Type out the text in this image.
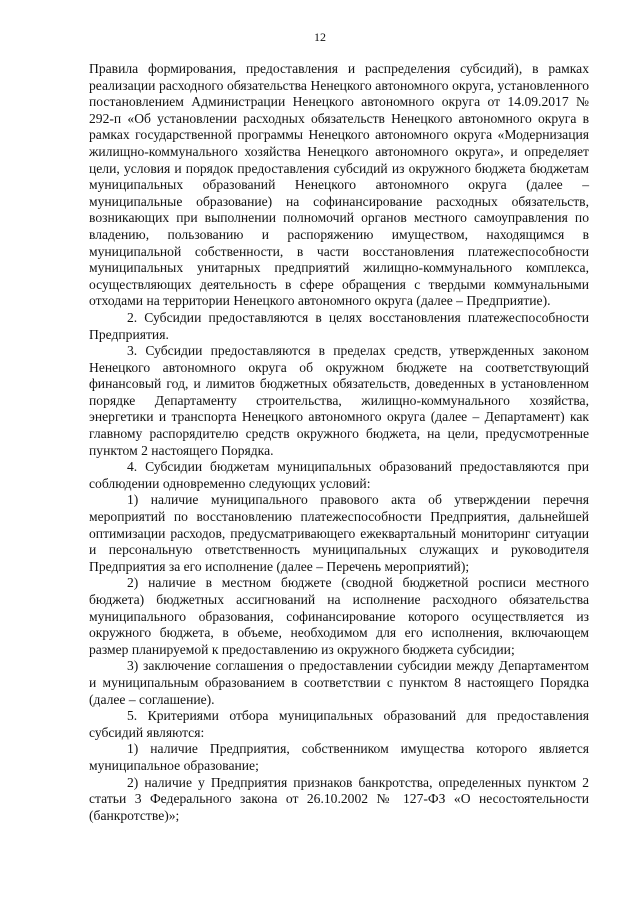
12

Правила формирования, предоставления и распределения субсидий), в рамках реализации расходного обязательства Ненецкого автономного округа, установленного постановлением Администрации Ненецкого автономного округа от 14.09.2017 № 292-п «Об установлении расходных обязательств Ненецкого автономного округа в рамках государственной программы Ненецкого автономного округа «Модернизация жилищно-коммунального хозяйства Ненецкого автономного округа», и определяет цели, условия и порядок предоставления субсидий из окружного бюджета бюджетам муниципальных образований Ненецкого автономного округа (далее – муниципальные образование) на софинансирование расходных обязательств, возникающих при выполнении полномочий органов местного самоуправления по владению, пользованию и распоряжению имуществом, находящимся в муниципальной собственности, в части восстановления платежеспособности муниципальных унитарных предприятий жилищно-коммунального комплекса, осуществляющих деятельность в сфере обращения с твердыми коммунальными отходами на территории Ненецкого автономного округа (далее – Предприятие).

2. Субсидии предоставляются в целях восстановления платежеспособности Предприятия.

3. Субсидии предоставляются в пределах средств, утвержденных законом Ненецкого автономного округа об окружном бюджете на соответствующий финансовый год, и лимитов бюджетных обязательств, доведенных в установленном порядке Департаменту строительства, жилищно-коммунального хозяйства, энергетики и транспорта Ненецкого автономного округа (далее – Департамент) как главному распорядителю средств окружного бюджета, на цели, предусмотренные пунктом 2 настоящего Порядка.

4. Субсидии бюджетам муниципальных образований предоставляются при соблюдении одновременно следующих условий:

1) наличие муниципального правового акта об утверждении перечня мероприятий по восстановлению платежеспособности Предприятия, дальнейшей оптимизации расходов, предусматривающего ежеквартальный мониторинг ситуации и персональную ответственность муниципальных служащих и руководителя Предприятия за его исполнение (далее – Перечень мероприятий);

2) наличие в местном бюджете (сводной бюджетной росписи местного бюджета) бюджетных ассигнований на исполнение расходного обязательства муниципального образования, софинансирование которого осуществляется из окружного бюджета, в объеме, необходимом для его исполнения, включающем размер планируемой к предоставлению из окружного бюджета субсидии;

3) заключение соглашения о предоставлении субсидии между Департаментом и муниципальным образованием в соответствии с пунктом 8 настоящего Порядка (далее – соглашение).

5. Критериями отбора муниципальных образований для предоставления субсидий являются:

1) наличие Предприятия, собственником имущества которого является муниципальное образование;

2) наличие у Предприятия признаков банкротства, определенных пунктом 2 статьи 3 Федерального закона от 26.10.2002 № 127-ФЗ «О несостоятельности (банкротстве)»;
